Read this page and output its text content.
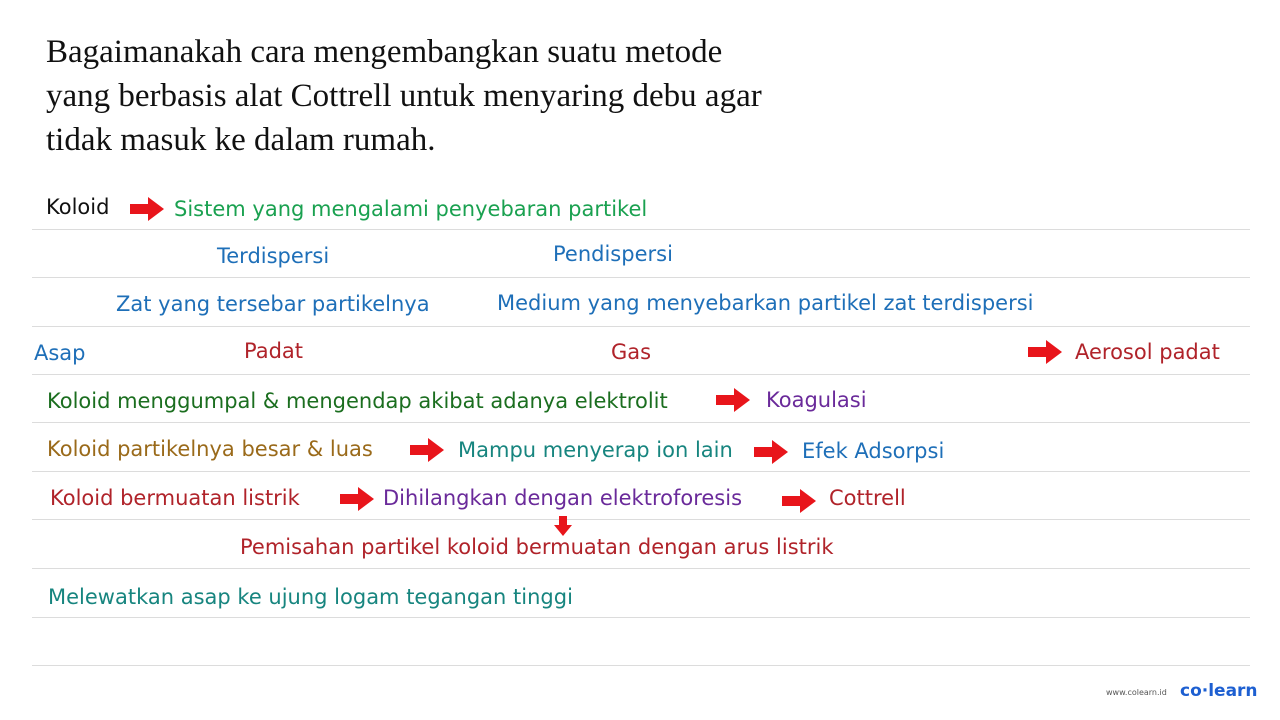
Bagaimanakah cara mengembangkan suatu metode
yang berbasis alat Cottrell untuk menyaring debu agar
tidak masuk ke dalam rumah.
Koloid	Sistem yang mengalami penyebaran partikel
Terdispersi	Pendispersi
Zat yang tersebar partikelnya	Medium yang menyebarkan partikel zat terdispersi
Asap	Padat	Gas	Aerosol padat
Koloid menggumpal & mengendap akibat adanya elektrolit	Koagulasi
Koloid partikelnya besar & luas	Mampu menyerap ion lain	Efek Adsorpsi
Koloid bermuatan listrik	Dihilangkan dengan elektroforesis	Cottrell
Pemisahan partikel koloid bermuatan dengan arus listrik
Melewatkan asap ke ujung logam tegangan tinggi
www.colearn.id co·learn
